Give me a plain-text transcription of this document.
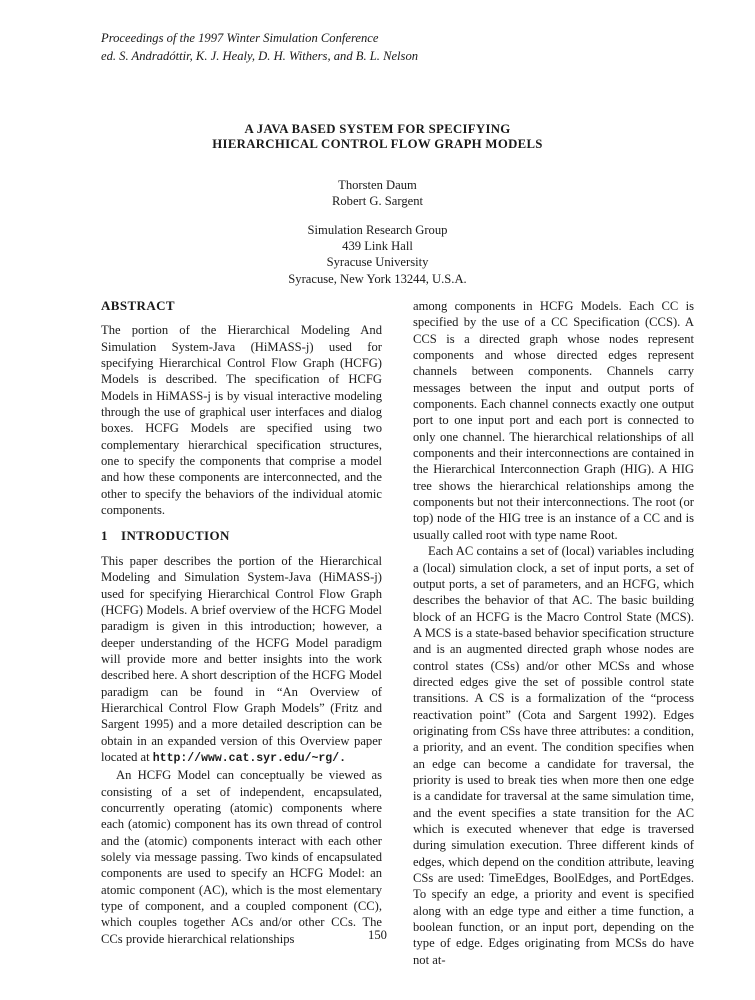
Proceedings of the 1997 Winter Simulation Conference
ed. S. Andradóttir, K. J. Healy, D. H. Withers, and B. L. Nelson
A JAVA BASED SYSTEM FOR SPECIFYING
HIERARCHICAL CONTROL FLOW GRAPH MODELS
Thorsten Daum
Robert G. Sargent
Simulation Research Group
439 Link Hall
Syracuse University
Syracuse, New York 13244, U.S.A.
ABSTRACT

The portion of the Hierarchical Modeling And Simulation System-Java (HiMASS-j) used for specifying Hierarchical Control Flow Graph (HCFG) Models is described. The specification of HCFG Models in HiMASS-j is by visual interactive modeling through the use of graphical user interfaces and dialog boxes. HCFG Models are specified using two complementary hierarchical specification structures, one to specify the components that comprise a model and how these components are interconnected, and the other to specify the behaviors of the individual atomic components.

1 INTRODUCTION

This paper describes the portion of the Hierarchical Modeling and Simulation System-Java (HiMASS-j) used for specifying Hierarchical Control Flow Graph (HCFG) Models. A brief overview of the HCFG Model paradigm is given in this introduction; however, a deeper understanding of the HCFG Model paradigm will provide more and better insights into the work described here. A short description of the HCFG Model paradigm can be found in “An Overview of Hierarchical Control Flow Graph Models” (Fritz and Sargent 1995) and a more detailed description can be obtain in an expanded version of this Overview paper located at http://www.cat.syr.edu/~rg/.

An HCFG Model can conceptually be viewed as consisting of a set of independent, encapsulated, concurrently operating (atomic) components where each (atomic) component has its own thread of control and the (atomic) components interact with each other solely via message passing. Two kinds of encapsulated components are used to specify an HCFG Model: an atomic component (AC), which is the most elementary type of component, and a coupled component (CC), which couples together ACs and/or other CCs. The CCs provide hierarchical relationships

among components in HCFG Models. Each CC is specified by the use of a CC Specification (CCS). A CCS is a directed graph whose nodes represent components and whose directed edges represent channels between components. Channels carry messages between the input and output ports of components. Each channel connects exactly one output port to one input port and each port is connected to only one channel. The hierarchical relationships of all components and their interconnections are contained in the Hierarchical Interconnection Graph (HIG). A HIG tree shows the hierarchical relationships among the components but not their interconnections. The root (or top) node of the HIG tree is an instance of a CC and is usually called root with type name Root.

Each AC contains a set of (local) variables including a (local) simulation clock, a set of input ports, a set of output ports, a set of parameters, and an HCFG, which describes the behavior of that AC. The basic building block of an HCFG is the Macro Control State (MCS). A MCS is a state-based behavior specification structure and is an augmented directed graph whose nodes are control states (CSs) and/or other MCSs and whose directed edges give the set of possible control state transitions. A CS is a formalization of the “process reactivation point” (Cota and Sargent 1992). Edges originating from CSs have three attributes: a condition, a priority, and an event. The condition specifies when an edge can become a candidate for traversal, the priority is used to break ties when more then one edge is a candidate for traversal at the same simulation time, and the event specifies a state transition for the AC which is executed whenever that edge is traversed during simulation execution. Three different kinds of edges, which depend on the condition attribute, leaving CSs are used: TimeEdges, BoolEdges, and PortEdges. To specify an edge, a priority and event is specified along with an edge type and either a time function, a boolean function, or an input port, depending on the type of edge. Edges originating from MCSs do have not at-

150
